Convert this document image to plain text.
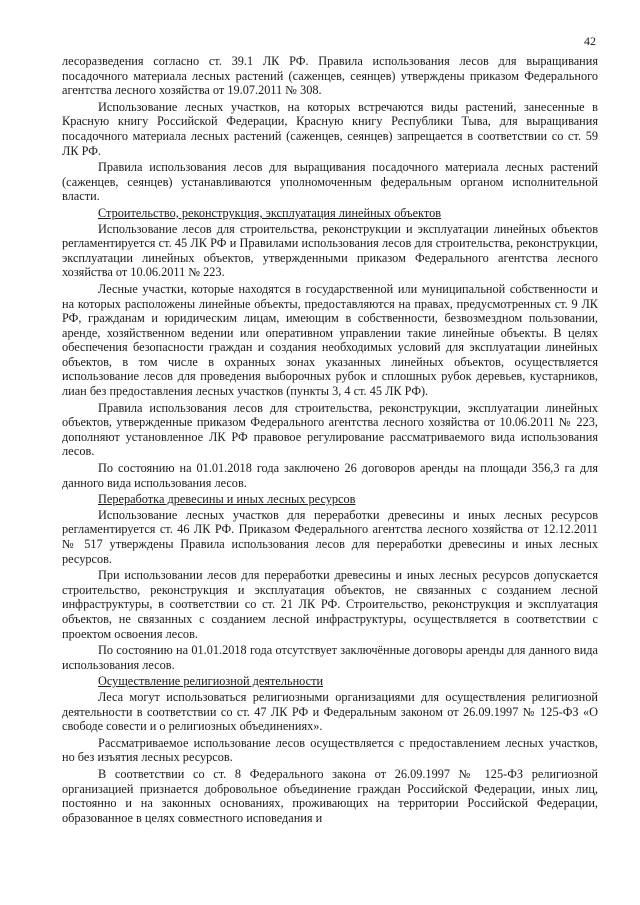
42

лесоразведения согласно ст. 39.1 ЛК РФ. Правила использования лесов для выращивания посадочного материала лесных растений (саженцев, сеянцев) утверждены приказом Федерального агентства лесного хозяйства от 19.07.2011 № 308.

Использование лесных участков, на которых встречаются виды растений, занесенные в Красную книгу Российской Федерации, Красную книгу Республики Тыва, для выращивания посадочного материала лесных растений (саженцев, сеянцев) запрещается в соответствии со ст. 59 ЛК РФ.

Правила использования лесов для выращивания посадочного материала лесных растений (саженцев, сеянцев) устанавливаются уполномоченным федеральным органом исполнительной власти.

Строительство, реконструкция, эксплуатация линейных объектов

Использование лесов для строительства, реконструкции и эксплуатации линейных объектов регламентируется ст. 45 ЛК РФ и Правилами использования лесов для строительства, реконструкции, эксплуатации линейных объектов, утвержденными приказом Федерального агентства лесного хозяйства от 10.06.2011 № 223.

Лесные участки, которые находятся в государственной или муниципальной собственности и на которых расположены линейные объекты, предоставляются на правах, предусмотренных ст. 9 ЛК РФ, гражданам и юридическим лицам, имеющим в собственности, безвозмездном пользовании, аренде, хозяйственном ведении или оперативном управлении такие линейные объекты. В целях обеспечения безопасности граждан и создания необходимых условий для эксплуатации линейных объектов, в том числе в охранных зонах указанных линейных объектов, осуществляется использование лесов для проведения выборочных рубок и сплошных рубок деревьев, кустарников, лиан без предоставления лесных участков (пункты 3, 4 ст. 45 ЛК РФ).

Правила использования лесов для строительства, реконструкции, эксплуатации линейных объектов, утвержденные приказом Федерального агентства лесного хозяйства от 10.06.2011 № 223, дополняют установленное ЛК РФ правовое регулирование рассматриваемого вида использования лесов.

По состоянию на 01.01.2018 года заключено 26 договоров аренды на площади 356,3 га для данного вида использования лесов.

Переработка древесины и иных лесных ресурсов

Использование лесных участков для переработки древесины и иных лесных ресурсов регламентируется ст. 46 ЛК РФ. Приказом Федерального агентства лесного хозяйства от 12.12.2011 № 517 утверждены Правила использования лесов для переработки древесины и иных лесных ресурсов.

При использовании лесов для переработки древесины и иных лесных ресурсов допускается строительство, реконструкция и эксплуатация объектов, не связанных с созданием лесной инфраструктуры, в соответствии со ст. 21 ЛК РФ. Строительство, реконструкция и эксплуатация объектов, не связанных с созданием лесной инфраструктуры, осуществляется в соответствии с проектом освоения лесов.

По состоянию на 01.01.2018 года отсутствует заключённые договоры аренды для данного вида использования лесов.

Осуществление религиозной деятельности

Леса могут использоваться религиозными организациями для осуществления религиозной деятельности в соответствии со ст. 47 ЛК РФ и Федеральным законом от 26.09.1997 № 125-ФЗ «О свободе совести и о религиозных объединениях».

Рассматриваемое использование лесов осуществляется с предоставлением лесных участков, но без изъятия лесных ресурсов.

В соответствии со ст. 8 Федерального закона от 26.09.1997 № 125-ФЗ религиозной организацией признается добровольное объединение граждан Российской Федерации, иных лиц, постоянно и на законных основаниях, проживающих на территории Российской Федерации, образованное в целях совместного исповедания и
